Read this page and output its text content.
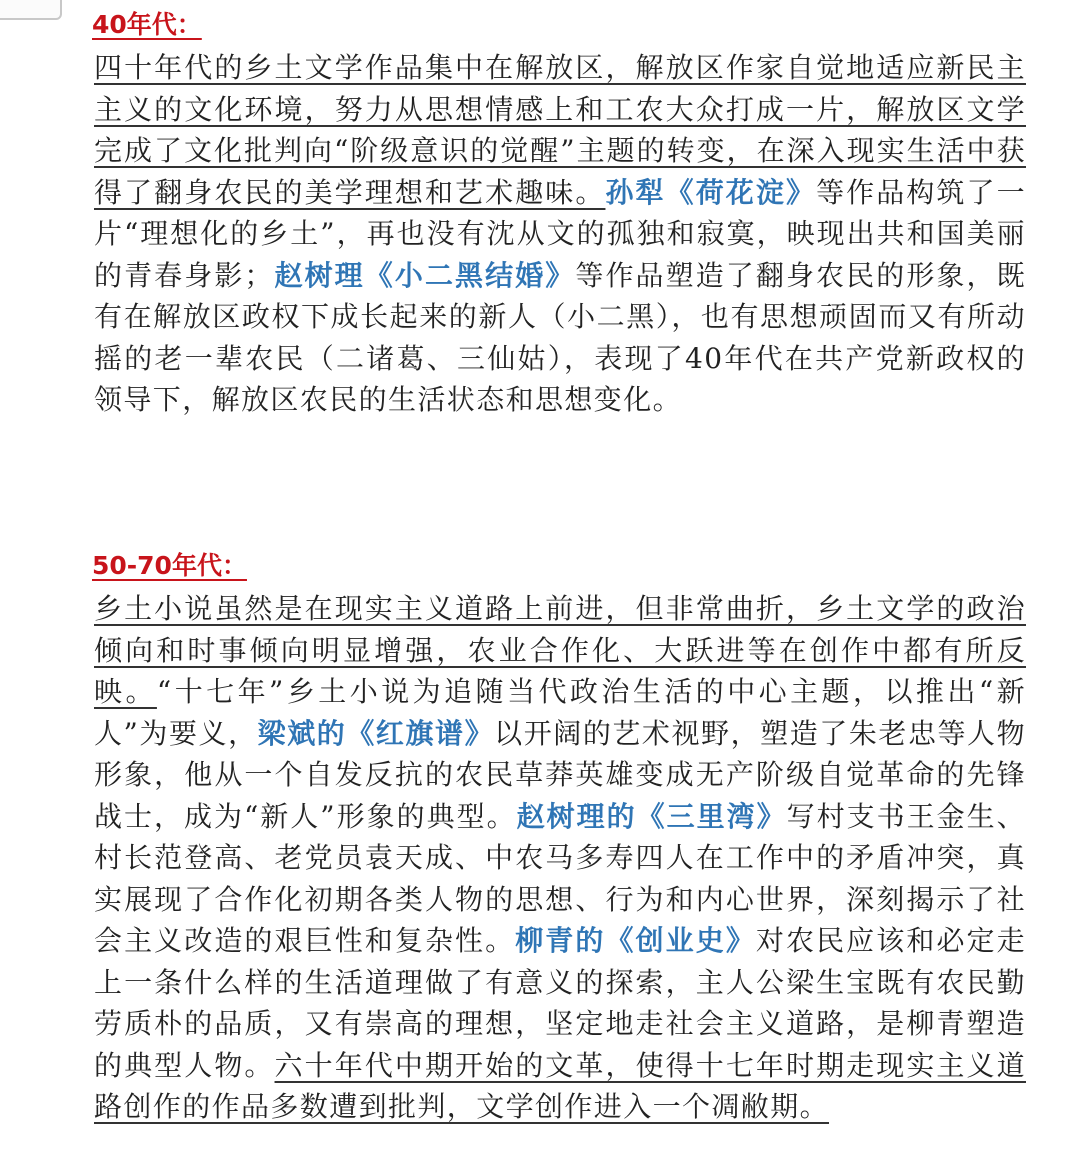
40年代：

四十年代的乡土文学作品集中在解放区，解放区作家自觉地适应新民主主义的文化环境，努力从思想情感上和工农大众打成一片，解放区文学完成了文化批判向“阶级意识的觉醒”主题的转变，在深入现实生活中获得了翻身农民的美学理想和艺术趣味。孙犁《荷花淀》等作品构筑了一片“理想化的乡土”，再也没有沈从文的孤独和寂寞，映现出共和国美丽的青春身影；赵树理《小二黑结婚》等作品塑造了翻身农民的形象，既有在解放区政权下成长起来的新人（小二黑），也有思想顽固而又有所动摇的老一辈农民（二诸葛、三仙姑），表现了40年代在共产党新政权的领导下，解放区农民的生活状态和思想变化。

50-70年代：

乡土小说虽然是在现实主义道路上前进，但非常曲折，乡土文学的政治倾向和时事倾向明显增强，农业合作化、大跃进等在创作中都有所反映。“十七年”乡土小说为追随当代政治生活的中心主题，以推出“新人”为要义，梁斌的《红旗谱》以开阔的艺术视野，塑造了朱老忠等人物形象，他从一个自发反抗的农民草莽英雄变成无产阶级自觉革命的先锋战士，成为“新人”形象的典型。赵树理的《三里湾》写村支书王金生、村长范登高、老党员袁天成、中农马多寿四人在工作中的矛盾冲突，真实展现了合作化初期各类人物的思想、行为和内心世界，深刻揭示了社会主义改造的艰巨性和复杂性。柳青的《创业史》对农民应该和必定走上一条什么样的生活道理做了有意义的探索，主人公梁生宝既有农民勤劳质朴的品质，又有崇高的理想，坚定地走社会主义道路，是柳青塑造的典型人物。六十年代中期开始的文革，使得十七年时期走现实主义道路创作的作品多数遭到批判，文学创作进入一个凋敝期。
